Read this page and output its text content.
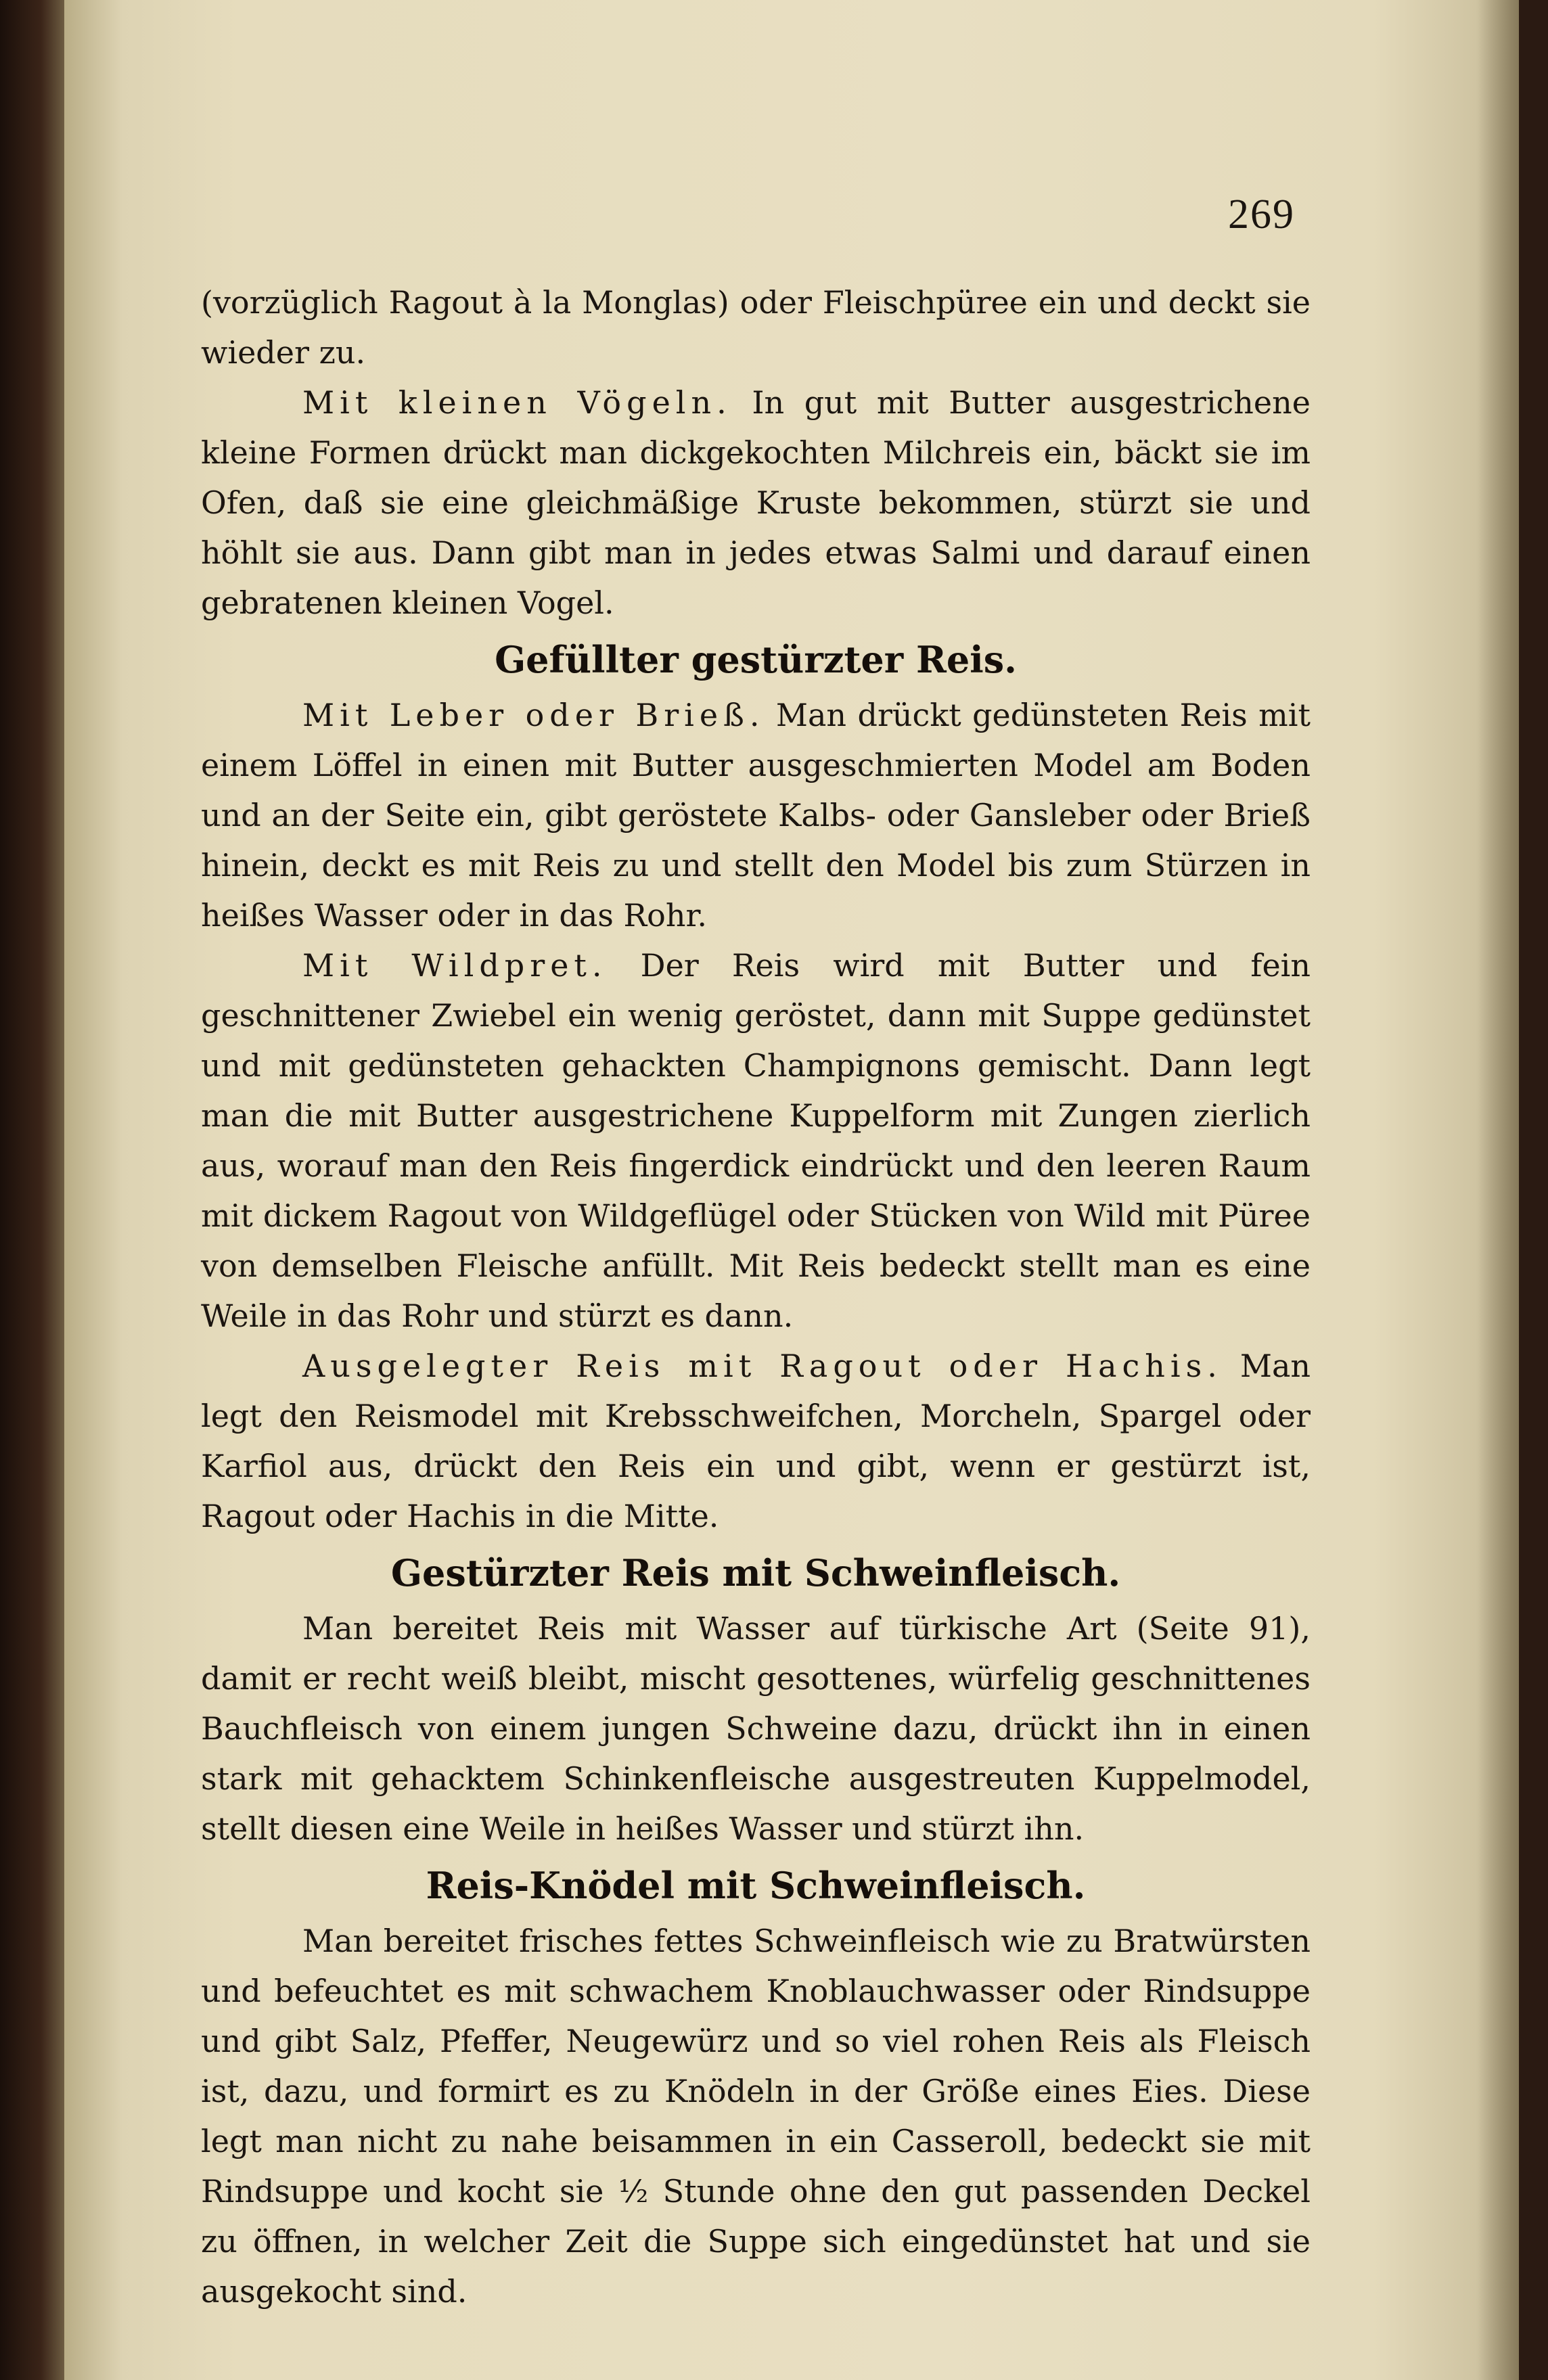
269

(vorzüglich Ragout à la Monglas) oder Fleischpüree ein und deckt sie wieder zu.

Mit kleinen Vögeln. In gut mit Butter ausgestrichene kleine Formen drückt man dickgekochten Milchreis ein, bäckt sie im Ofen, daß sie eine gleichmäßige Kruste bekommen, stürzt sie und höhlt sie aus. Dann gibt man in jedes etwas Salmi und darauf einen gebratenen kleinen Vogel.

Gefüllter gestürzter Reis.

Mit Leber oder Brieß. Man drückt gedünsteten Reis mit einem Löffel in einen mit Butter ausgeschmierten Model am Boden und an der Seite ein, gibt geröstete Kalbs- oder Gansleber oder Brieß hinein, deckt es mit Reis zu und stellt den Model bis zum Stürzen in heißes Wasser oder in das Rohr.

Mit Wildpret. Der Reis wird mit Butter und fein geschnittener Zwiebel ein wenig geröstet, dann mit Suppe gedünstet und mit gedünsteten gehackten Champignons gemischt. Dann legt man die mit Butter ausgestrichene Kuppelform mit Zungen zierlich aus, worauf man den Reis fingerdick eindrückt und den leeren Raum mit dickem Ragout von Wildgeflügel oder Stücken von Wild mit Püree von demselben Fleische anfüllt. Mit Reis bedeckt stellt man es eine Weile in das Rohr und stürzt es dann.

Ausgelegter Reis mit Ragout oder Hachis. Man legt den Reismodel mit Krebsschweifchen, Morcheln, Spargel oder Karfiol aus, drückt den Reis ein und gibt, wenn er gestürzt ist, Ragout oder Hachis in die Mitte.

Gestürzter Reis mit Schweinfleisch.

Man bereitet Reis mit Wasser auf türkische Art (Seite 91), damit er recht weiß bleibt, mischt gesottenes, würfelig geschnittenes Bauchfleisch von einem jungen Schweine dazu, drückt ihn in einen stark mit gehacktem Schinkenfleische ausgestreuten Kuppelmodel, stellt diesen eine Weile in heißes Wasser und stürzt ihn.

Reis-Knödel mit Schweinfleisch.

Man bereitet frisches fettes Schweinfleisch wie zu Bratwürsten und befeuchtet es mit schwachem Knoblauchwasser oder Rindsuppe und gibt Salz, Pfeffer, Neugewürz und so viel rohen Reis als Fleisch ist, dazu, und formirt es zu Knödeln in der Größe eines Eies. Diese legt man nicht zu nahe beisammen in ein Casseroll, bedeckt sie mit Rindsuppe und kocht sie ½ Stunde ohne den gut passenden Deckel zu öffnen, in welcher Zeit die Suppe sich eingedünstet hat und sie ausgekocht sind.
